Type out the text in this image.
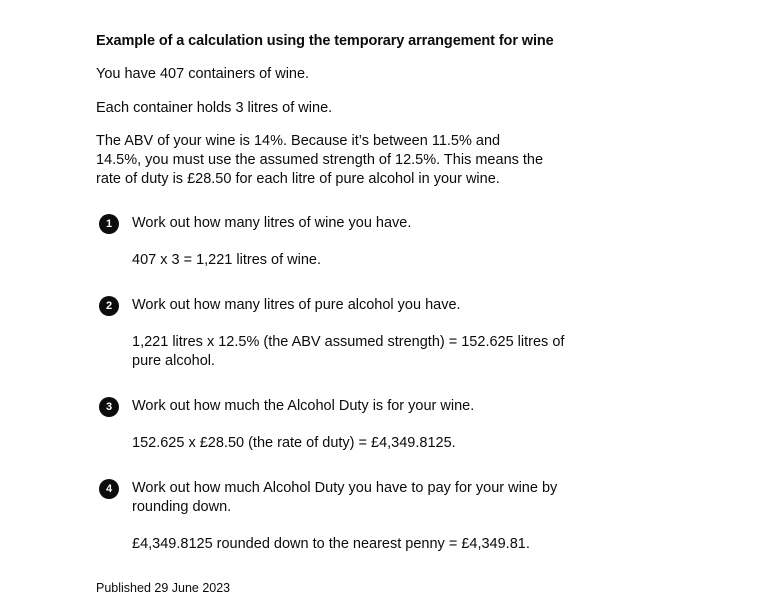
Example of a calculation using the temporary arrangement for wine

You have 407 containers of wine.

Each container holds 3 litres of wine.

The ABV of your wine is 14%. Because it’s between 11.5% and 14.5%, you must use the assumed strength of 12.5%. This means the rate of duty is £28.50 for each litre of pure alcohol in your wine.

1	Work out how many litres of wine you have.

407 x 3 = 1,221 litres of wine.

2	Work out how many litres of pure alcohol you have.

1,221 litres x 12.5% (the ABV assumed strength) = 152.625 litres of pure alcohol.

3	Work out how much the Alcohol Duty is for your wine.

152.625 x £28.50 (the rate of duty) = £4,349.8125.

4	Work out how much Alcohol Duty you have to pay for your wine by rounding down.

£4,349.8125 rounded down to the nearest penny = £4,349.81.

Published 29 June 2023
